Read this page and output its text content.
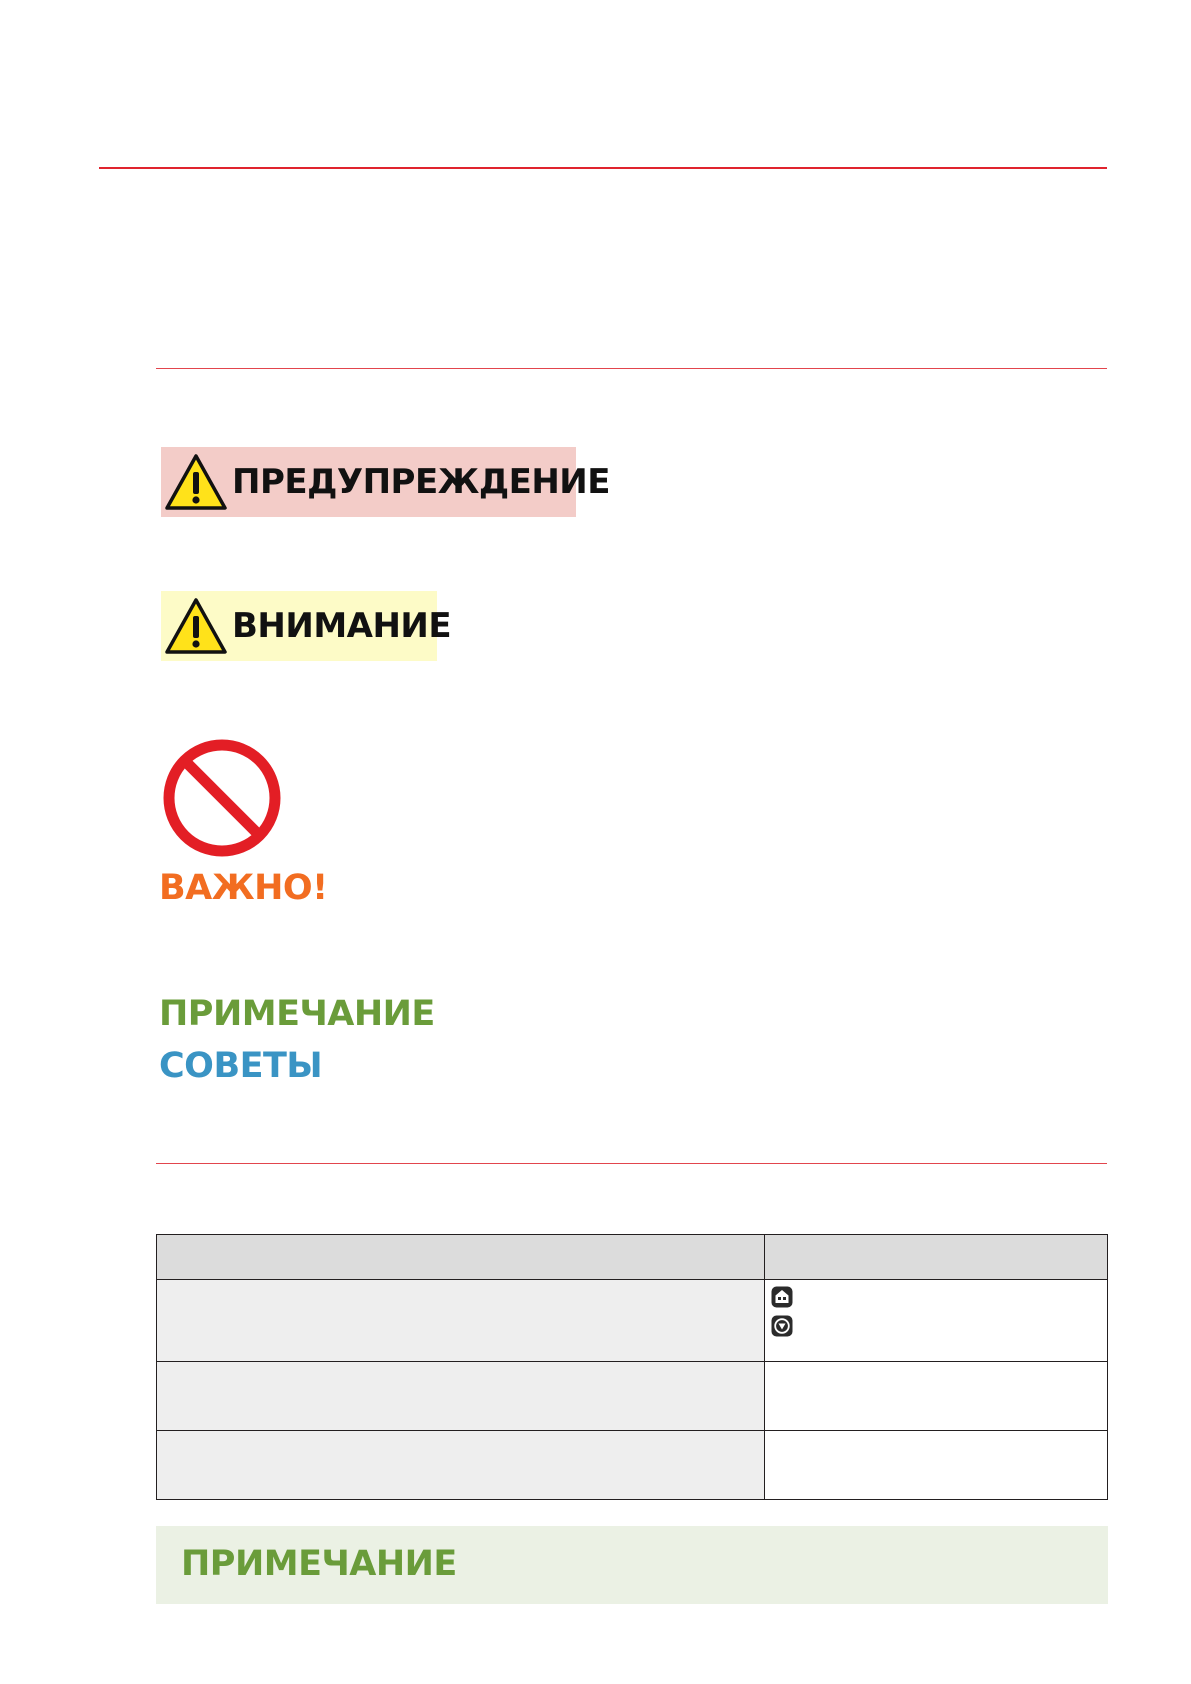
ПРЕДУПРЕЖДЕНИЕ
ВНИМАНИЕ
ВАЖНО!
ПРИМЕЧАНИЕ
СОВЕТЫ

ПРИМЕЧАНИЕ
